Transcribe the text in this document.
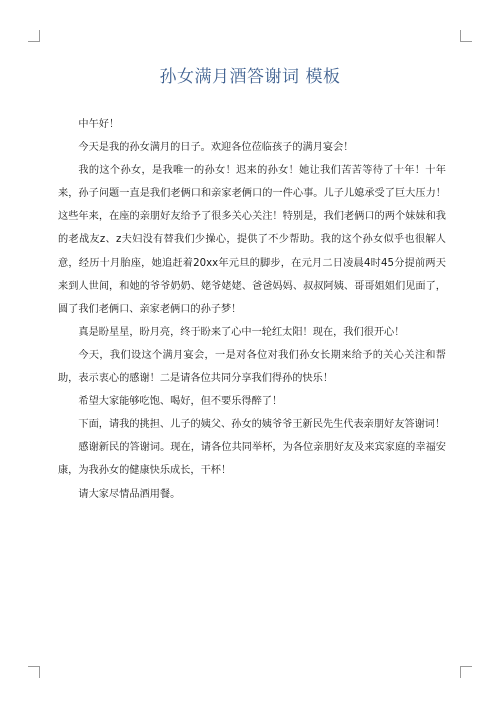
孙女满月酒答谢词 模板

中午好！

今天是我的孙女满月的日子。欢迎各位莅临孩子的满月宴会！

我的这个孙女，是我唯一的孙女！迟来的孙女！她让我们苦苦等待了十年！十年来，孙子问题一直是我们老俩口和亲家老俩口的一件心事。儿子儿媳承受了巨大压力！这些年来，在座的亲朋好友给予了很多关心关注！特别是，我们老俩口的两个妹妹和我的老战友z、z夫妇没有替我们少操心，提供了不少帮助。我的这个孙女似乎也很解人意，经历十月胎座，她追赶着20xx年元旦的脚步，在元月二日凌晨4时45分提前两天来到人世间，和她的爷爷奶奶、姥爷姥姥、爸爸妈妈、叔叔阿姨、哥哥姐姐们见面了，圆了我们老俩口、亲家老俩口的孙子梦！

真是盼星星，盼月亮，终于盼来了心中一轮红太阳！现在，我们很开心！

今天，我们设这个满月宴会，一是对各位对我们孙女长期来给予的关心关注和帮助，表示衷心的感谢！二是请各位共同分享我们得孙的快乐！

希望大家能够吃饱、喝好，但不要乐得醉了！

下面，请我的挑担、儿子的姨父、孙女的姨爷爷王新民先生代表亲朋好友答谢词！

感谢新民的答谢词。现在，请各位共同举杯，为各位亲朋好友及来宾家庭的幸福安康，为我孙女的健康快乐成长，干杯！

请大家尽情品酒用餐。
